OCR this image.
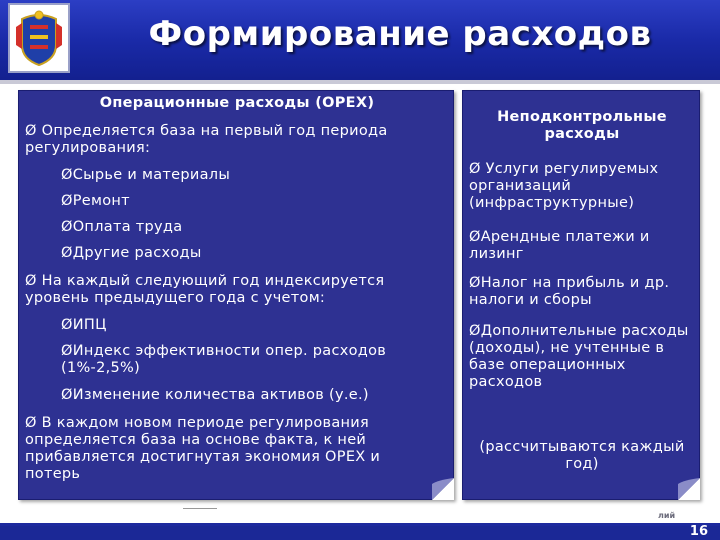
Формирование расходов
Операционные расходы (OPEX)
Ø Определяется база на первый год периода регулирования:
ØСырье и материалы
ØРемонт
ØОплата труда
ØДругие расходы
Ø На каждый следующий год индексируется уровень предыдущего года с учетом:
ØИПЦ
ØИндекс эффективности опер. расходов (1%-2,5%)
ØИзменение количества активов (у.е.)
Ø В каждом новом периоде регулирования определяется база на основе факта, к ней прибавляется достигнутая экономия OPEX и потерь
Неподконтрольные расходы
Ø Услуги регулируемых организаций (инфраструктурные)
ØАрендные платежи и лизинг
ØНалог на прибыль и др. налоги и сборы
ØДополнительные расходы (доходы), не учтенные в базе операционных расходов
(рассчитываются каждый год)
лий
16
